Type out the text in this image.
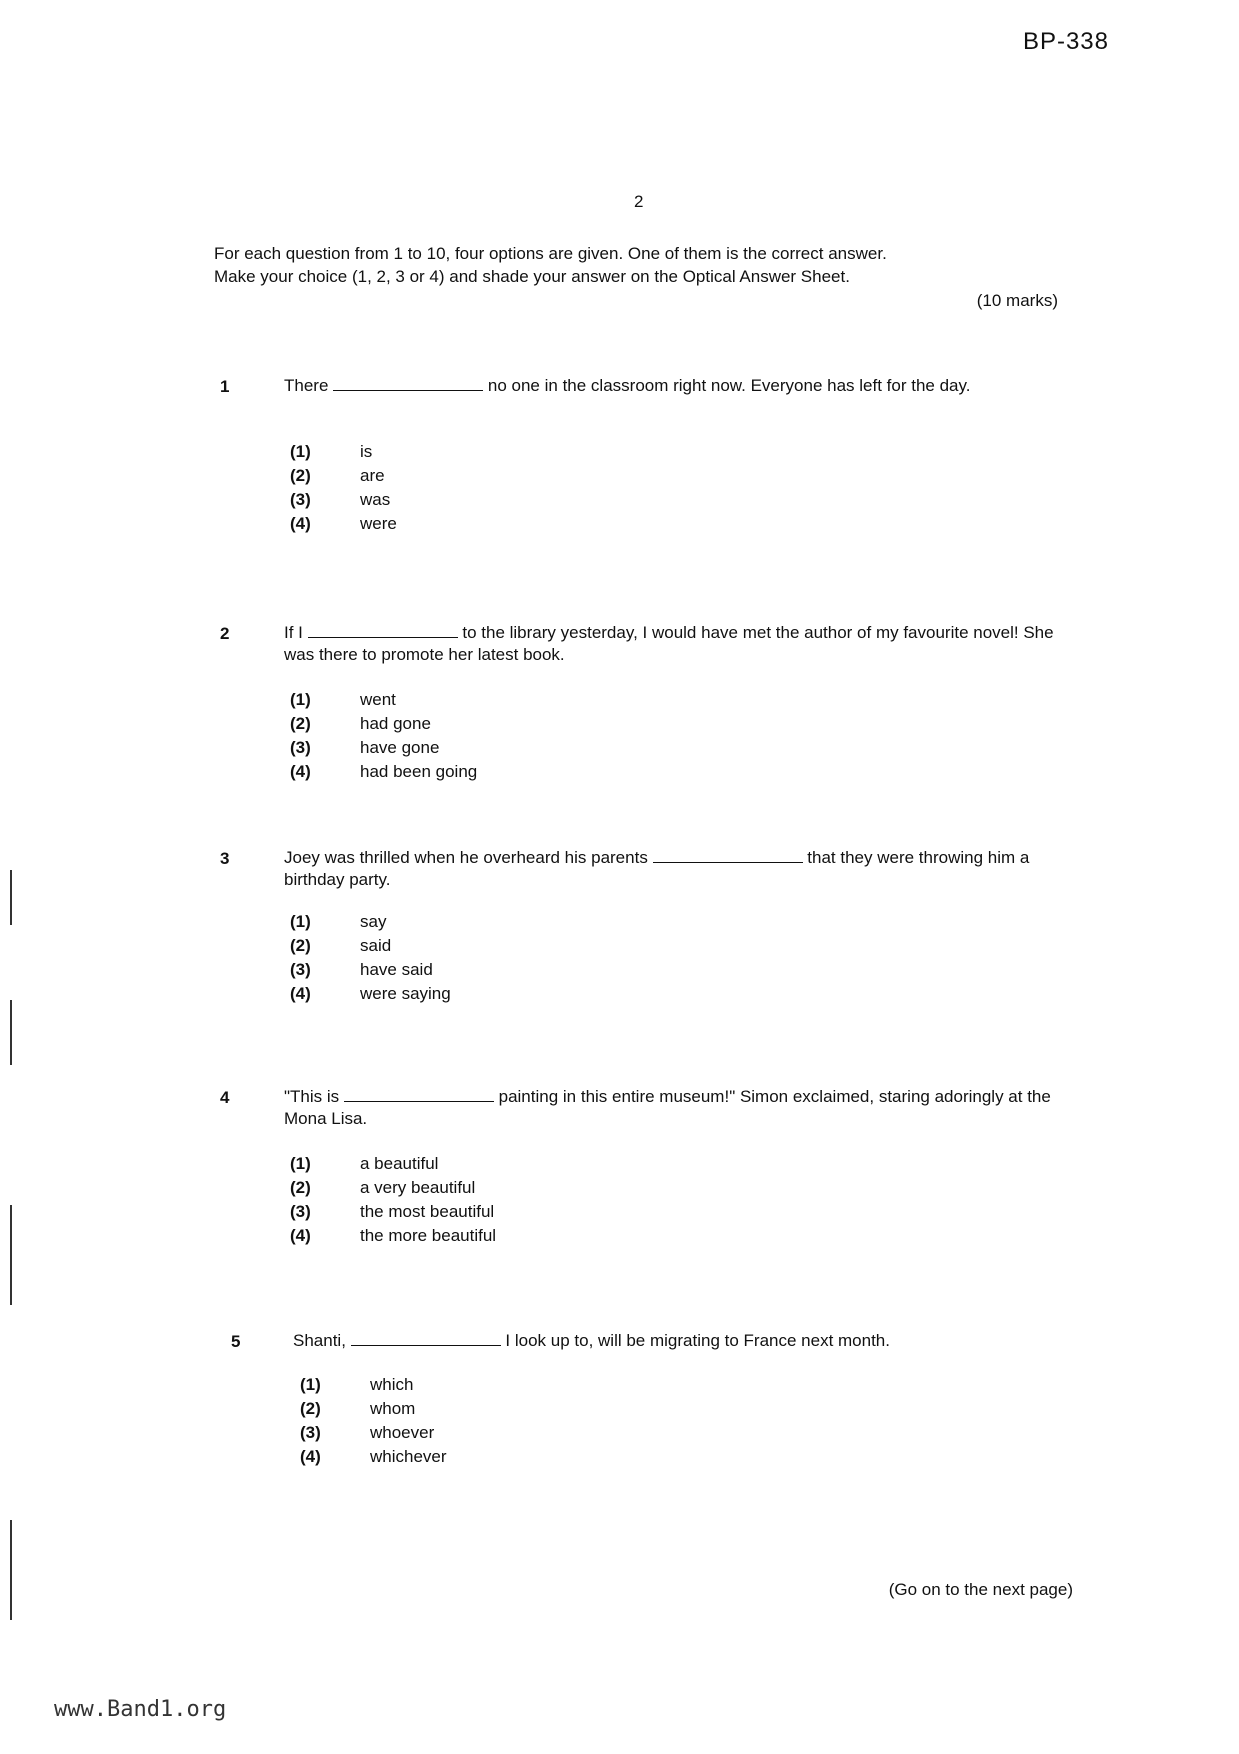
BP-338
2
For each question from 1 to 10, four options are given. One of them is the correct answer.
Make your choice (1, 2, 3 or 4) and shade your answer on the Optical Answer Sheet.
(10 marks)
1	There	no one in the classroom right now. Everyone has left for the day.
(1)	is
(2)	are
(3)	was
(4)	were
2	If I	to the library yesterday, I would have met the author of my favourite novel! She was there to promote her latest book.
(1)	went
(2)	had gone
(3)	have gone
(4)	had been going
3	Joey was thrilled when he overheard his parents	that they were throwing him a birthday party.
(1)	say
(2)	said
(3)	have said
(4)	were saying
4	"This is	painting in this entire museum!" Simon exclaimed, staring adoringly at the Mona Lisa.
(1)	a beautiful
(2)	a very beautiful
(3)	the most beautiful
(4)	the more beautiful
5	Shanti,	I look up to, will be migrating to France next month.
(1)	which
(2)	whom
(3)	whoever
(4)	whichever
(Go on to the next page)
www.Band1.org
